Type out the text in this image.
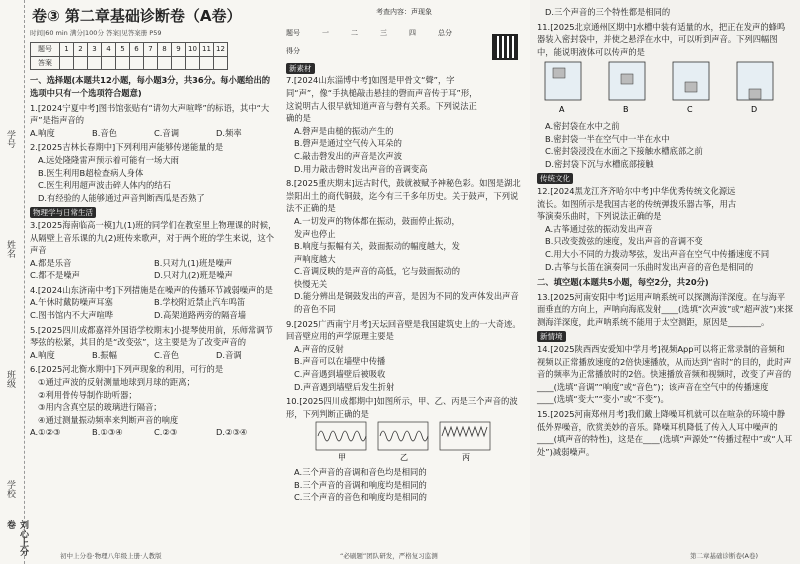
学号
姓名
班级
学校
刘心上分卷
卷③ 第二章基础诊断卷（A卷）
时间|60 min 满分|100分 答案|见答案册 P59
题号	1	2	3	4	5	6	7	8	9	10	11	12
答案												
一、选择题(本题共12小题，每小题3分，共36分。每小题给出的选项中只有一个选项符合题意)
1.[2024宁夏中考]图书馆张贴有“请勿大声喧哗”的标语，其中“大声”是指声音的
A.响度	B.音色	C.音调	D.频率
2.[2025吉林长春期中]下列利用声能够传递能量的是
A.远处隆隆雷声预示着可能有一场大雨
B.医生利用B超检查病人身体
C.医生利用超声波击碎人体内的结石
D.有经验的人能够通过声音判断西瓜是否熟了
物理学与日常生活
3.[2025海南临高一模]九(1)班的同学们在教室里上物理课的时候，从隔壁上音乐课的九(2)班传来歌声，对于两个班的学生来说，这个声音
A.都是乐音	B.只对九(1)班是噪声
C.都不是噪声	D.只对九(2)班是噪声
4.[2024山东济南中考]下列措施是在噪声的传播环节减弱噪声的是
A.午休时戴防噪声耳塞	B.学校附近禁止汽车鸣笛
C.图书馆内不大声喧哗	D.高架道路两旁的隔音墙
5.[2025四川成都嘉祥外国语学校期末]小提琴使用前，乐师常调节琴弦的松紧，其目的是“改变弦”，这主要是为了改变声音的
A.响度	B.振幅	C.音色	D.音调
6.[2025河北衡水期中]下列声现象的利用，可行的是
①通过声波的反射测量地球到月球的距离；
②利用骨传导制作助听器；
③用内含真空层的玻璃进行隔音；
④通过测量振动频率来判断声音的响度
A.①②③	B.①③④	C.②③	D.②③④
初中上分卷·物理八年级上册·人教版
考查内容：声现象
题号	一	二	三	四	总分
得分
新素材
7.[2024山东淄博中考]如图是甲骨文“聲”，字同“声”，像“手执槌敲击悬挂的磬而声音传于耳”形，这说明古人很早就知道声音与磬有关系。下列说法正确的是
A.磬声是由槌的振动产生的
B.磬声是通过空气传入耳朵的
C.敲击磬发出的声音是次声波
D.用力敲击磬时发出声音的音调变高
8.[2025重庆期末]远古时代，鼓就被赋予神秘色彩。如图是湖北崇阳出土的商代铜鼓，迄今有三千多年历史。关于鼓声，下列说法不正确的是
A.一切发声的物体都在振动，鼓面停止振动，发声也停止
B.响度与振幅有关，鼓面振动的幅度越大，发声响度越大
C.音调反映的是声音的高低，它与鼓面振动的快慢无关
D.能分辨出是铜鼓发出的声音，是因为不同的发声体发出声音的音色不同
9.[2025广西南宁月考]天坛回音壁是我国建筑史上的一大奇迹。回音壁应用的声学原理主要是
A.声音的反射
B.声音可以在墙壁中传播
C.声音遇到墙壁后被吸收
D.声音遇到墙壁后发生折射
10.[2025四川成都期中]如图所示，甲、乙、丙是三个声音的波形，下列判断正确的是
甲	乙	丙
A.三个声音的音调和音色均是相同的
B.三个声音的音调和响度均是相同的
C.三个声音的音色和响度均是相同的
“必刷题”团队研发，严格复习监测
D.三个声音的三个特性都是相同的
11.[2025北京通州区期中]水槽中装有适量的水，把正在发声的蜂鸣器装入密封袋中，并使之悬浮在水中，可以听到声音。下列四幅图中，能说明液体可以传声的是
A	B	C	D
A.密封袋在水中之前
B.密封袋一半在空气中一半在水中
C.密封袋浸没在水面之下接触水槽底部之前
D.密封袋下沉与水槽底部接触
传统文化
12.[2024黑龙江齐齐哈尔中考]中华优秀传统文化源远流长。如图所示是我国古老的传统弹拨乐器古筝，用古筝演奏乐曲时，下列说法正确的是
A.古筝通过弦的振动发出声音
B.只改变拨弦的速度，发出声音的音调不变
C.用大小不同的力拨动琴弦，发出声音在空气中传播速度不同
D.古筝与长笛在演奏同一乐曲时发出声音的音色是相同的
二、填空题(本题共5小题，每空2分，共20分)
13.[2025河南安阳中考]运用声呐系统可以探测海洋深度。在与海平面垂直的方向上，声呐向海底发射____(选填“次声波”或“超声波”)来探测海洋深度，此声呐系统不能用于太空测距，原因是________。
新情境
14.[2025陕西西安爱知中学月考]视频App可以将正常录制的音频和视频以正常播放速度的2倍快速播放，从而达到“省时”的目的，此时声音的频率为正常播放时的2倍。快速播放音频和视频时，改变了声音的____(选填“音调”“响度”或“音色”)；该声音在空气中的传播速度____(选填“变大”“变小”或“不变”)。
15.[2025河南郑州月考]我们戴上降噪耳机就可以在喧杂的环境中静低外界噪音，欣赏美妙的音乐。降噪耳机降低了传入人耳中噪声的____(填声音的特性)，这是在____(选填“声源处”“传播过程中”或“人耳处”)减弱噪声。
第二章基础诊断卷(A卷)
